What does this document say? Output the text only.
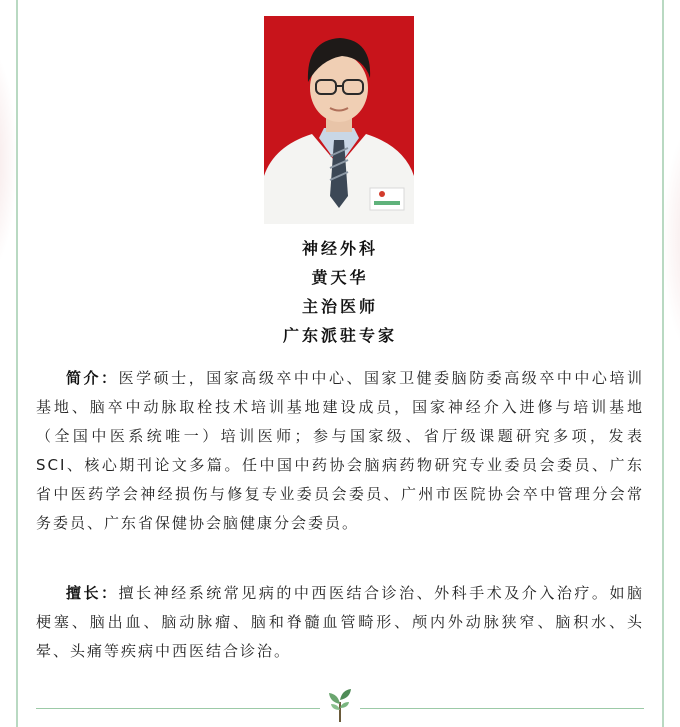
神经外科
黄天华
主治医师
广东派驻专家
简介：医学硕士，国家高级卒中中心、国家卫健委脑防委高级卒中中心培训基地、脑卒中动脉取栓技术培训基地建设成员，国家神经介入进修与培训基地（全国中医系统唯一）培训医师；参与国家级、省厅级课题研究多项，发表SCI、核心期刊论文多篇。任中国中药协会脑病药物研究专业委员会委员、广东省中医药学会神经损伤与修复专业委员会委员、广州市医院协会卒中管理分会常务委员、广东省保健协会脑健康分会委员。
擅长：擅长神经系统常见病的中西医结合诊治、外科手术及介入治疗。如脑梗塞、脑出血、脑动脉瘤、脑和脊髓血管畸形、颅内外动脉狭窄、脑积水、头晕、头痛等疾病中西医结合诊治。
